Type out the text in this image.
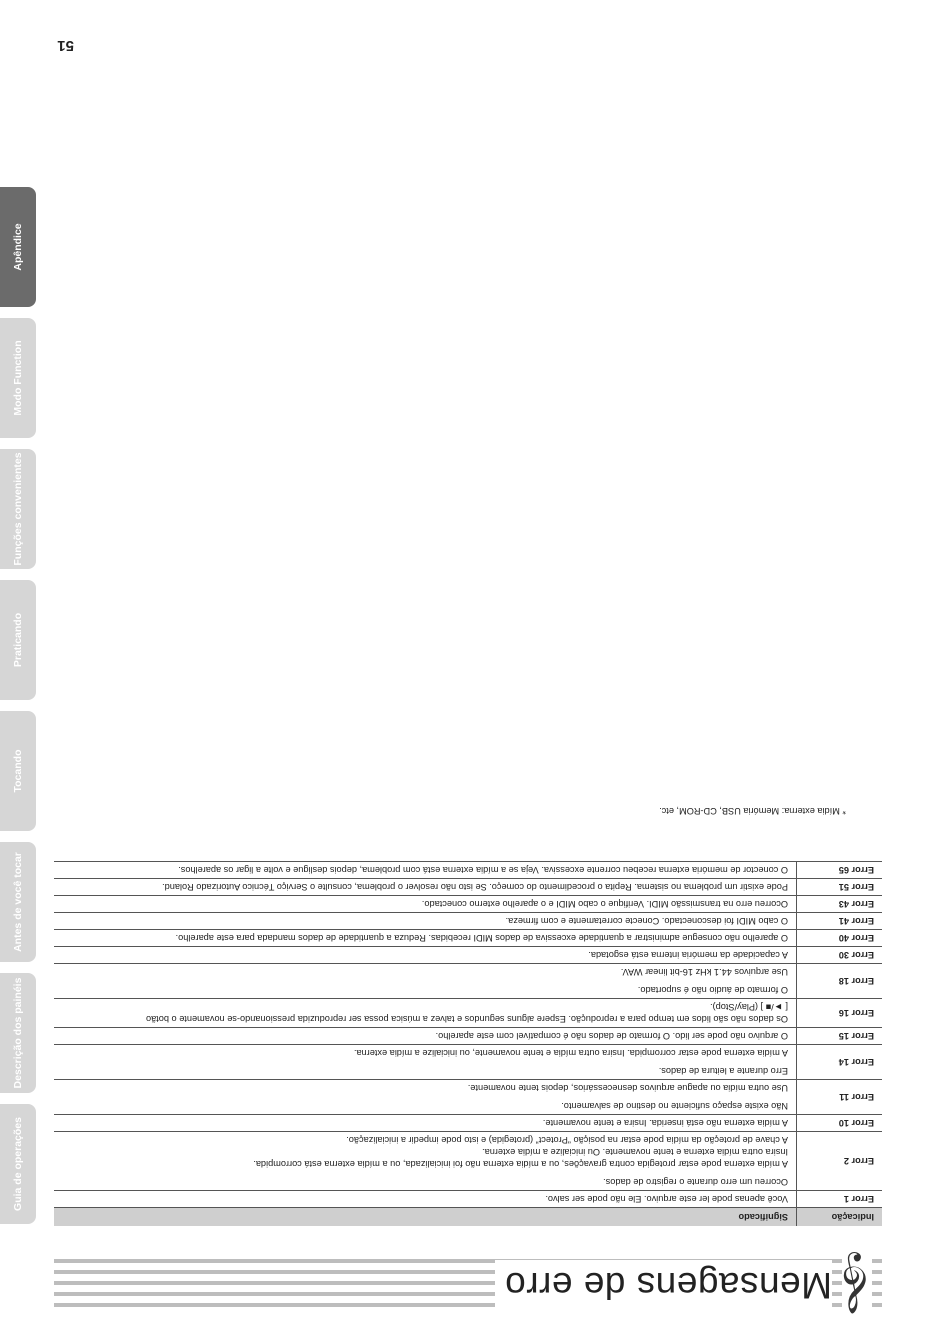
𝄞
Mensagens de erro
Indicação	Significado
Error 1	Você apenas pode ler este arquivo. Ele não pode ser salvo.

Error 2	Ocorreu um erro durante o registro de dados.
A mídia externa pode estar protegida contra gravações, ou a mídia externa não foi inicializada, ou a mídia externa está corrompida.
Insira outra mídia externa e tente novamente. Ou inicialize a mídia externa.
A chave de proteção da mídia pode estar na posição “Protect” (protegida) e isto pode impedir a inicialização.

Error 10	A mídia externa não está inserida. Insira e tente novamente.

Error 11	Não existe espaço suficiente no destino de salvamento.
Use outra mídia ou apague arquivos desnecessários, depois tente novamente.

Error 14	Erro durante a leitura de dados.
A mídia externa pode estar corrompida. Insira outra mídia e tente novamente, ou inicialize a mídia externa.

Error 15	O arquivo não pode ser lido. O formato de dados não é compatível com este aparelho.

Error 16	Os dados não são lidos em tempo para a reprodução. Espere alguns segundos e talvez a música possa ser reproduzida pressionando-se novamente o botão
[ ►/■ ] (Play/Stop).

Error 18	O formato de áudio não é suportado.
Use arquivos 44.1 kHz 16-bit linear WAV.

Error 30	A capacidade da memória interna está esgotada.

Error 40	O aparelho não consegue administrar a quantidade excessiva de dados MIDI recebidas. Reduza a quantidade de dados mandada para este aparelho.

Error 41	O cabo MIDI foi desconectado. Conecte corretamente e com firmeza.

Error 43	Ocorreu erro na transmissão MIDI. Verifique o cabo MIDI e o aparelho externo conectado.

Error 51	Pode existir um problema no sistema. Repita o procedimento do começo. Se isto não resolver o problema, consulte o Serviço Técnico Autorizado Roland.

Error 65	O conector de memória externa recebeu corrente excessiva. Veja se a mídia externa está com problema, depois desligue e volte a ligar os aparelhos.
* Mídia externa: Memória USB, CD-ROM, etc.
Guia de operações
Descrição dos painéis
Antes de você tocar
Tocando
Praticando
Funções convenientes
Modo Function
Apêndice
51
